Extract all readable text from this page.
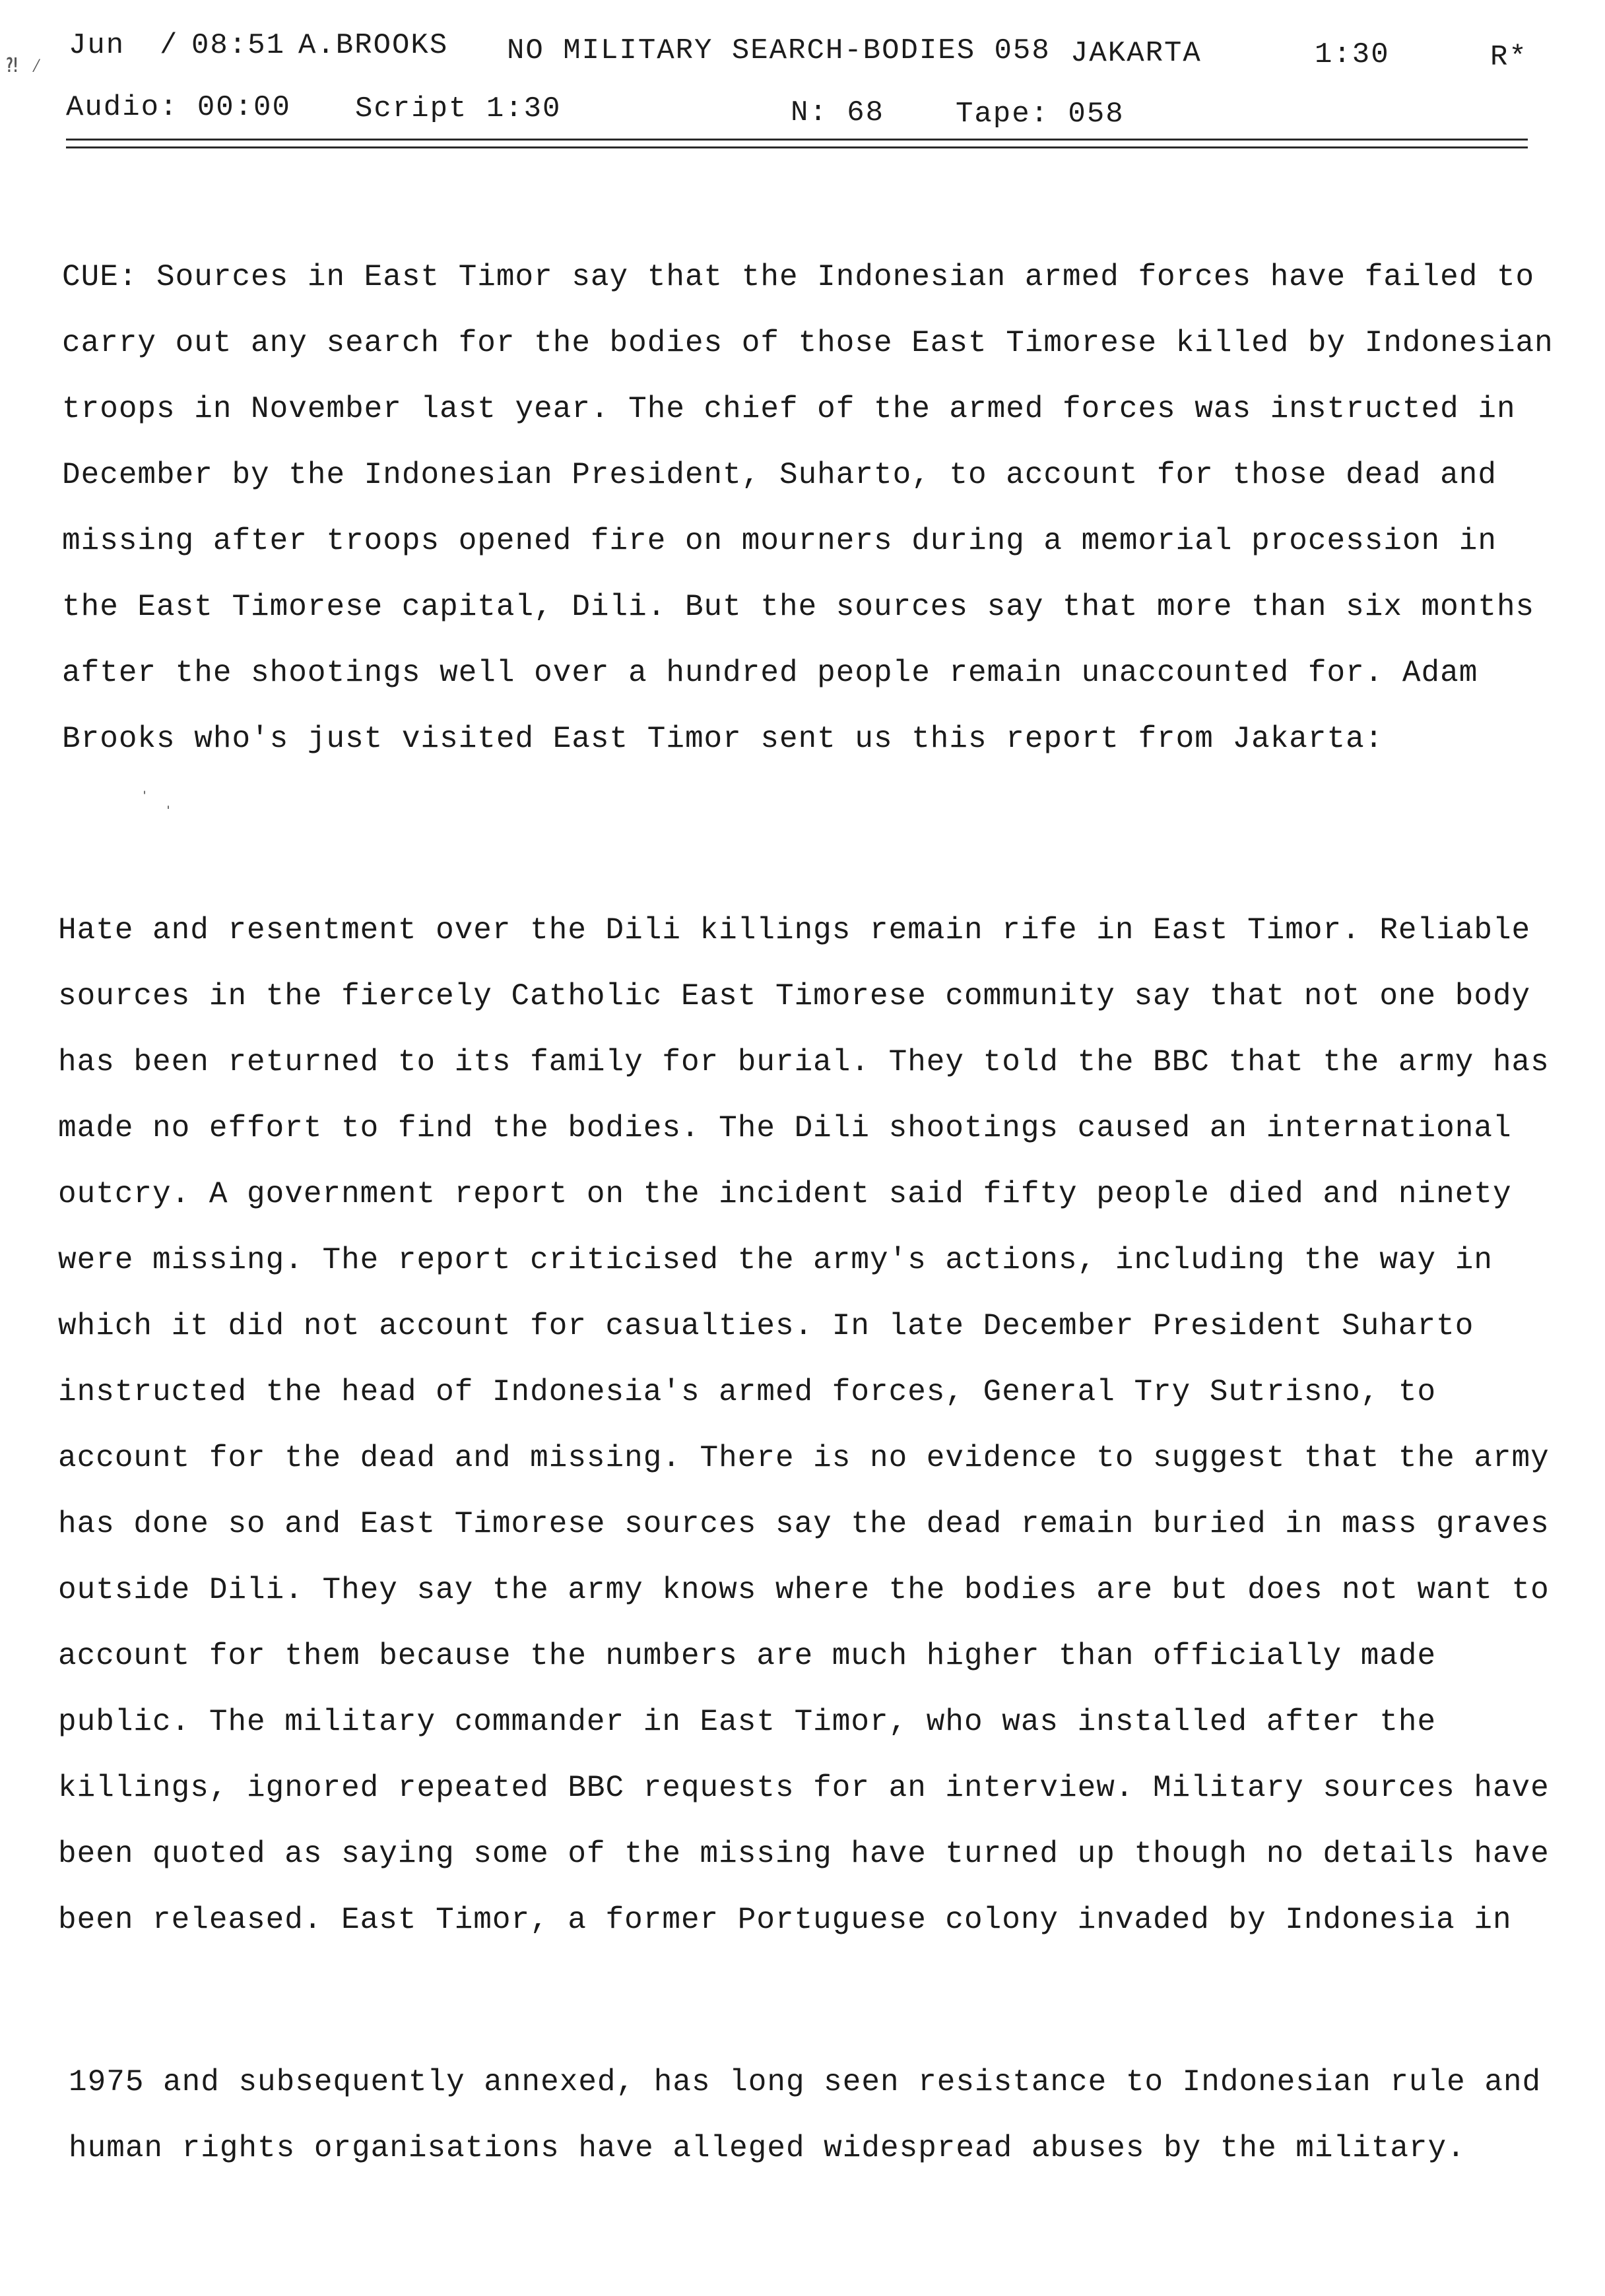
Jun / 08:51 A.BROOKS NO MILITARY SEARCH-BODIES 058 JAKARTA	1:30	R*
⁈ ⁄
Audio: 00:00 Script 1:30	N: 68 Tape: 058
CUE: Sources in East Timor say that the Indonesian armed forces have failed to
carry out any search for the bodies of those East Timorese killed by Indonesian
troops in November last year. The chief of the armed forces was instructed in
December by the Indonesian President, Suharto, to account for those dead and
missing after troops opened fire on mourners during a memorial procession in
the East Timorese capital, Dili. But the sources say that more than six months
after the shootings well over a hundred people remain unaccounted for. Adam
Brooks who's just visited East Timor sent us this report from Jakarta:
ˈ ˌ
Hate and resentment over the Dili killings remain rife in East Timor. Reliable
sources in the fiercely Catholic East Timorese community say that not one body
has been returned to its family for burial. They told the BBC that the army has
made no effort to find the bodies. The Dili shootings caused an international
outcry. A government report on the incident said fifty people died and ninety
were missing. The report criticised the army's actions, including the way in
which it did not account for casualties. In late December President Suharto
instructed the head of Indonesia's armed forces, General Try Sutrisno, to
account for the dead and missing. There is no evidence to suggest that the army
has done so and East Timorese sources say the dead remain buried in mass graves
outside Dili. They say the army knows where the bodies are but does not want to
account for them because the numbers are much higher than officially made
public. The military commander in East Timor, who was installed after the
killings, ignored repeated BBC requests for an interview. Military sources have
been quoted as saying some of the missing have turned up though no details have
been released. East Timor, a former Portuguese colony invaded by Indonesia in
1975 and subsequently annexed, has long seen resistance to Indonesian rule and
human rights organisations have alleged widespread abuses by the military.
